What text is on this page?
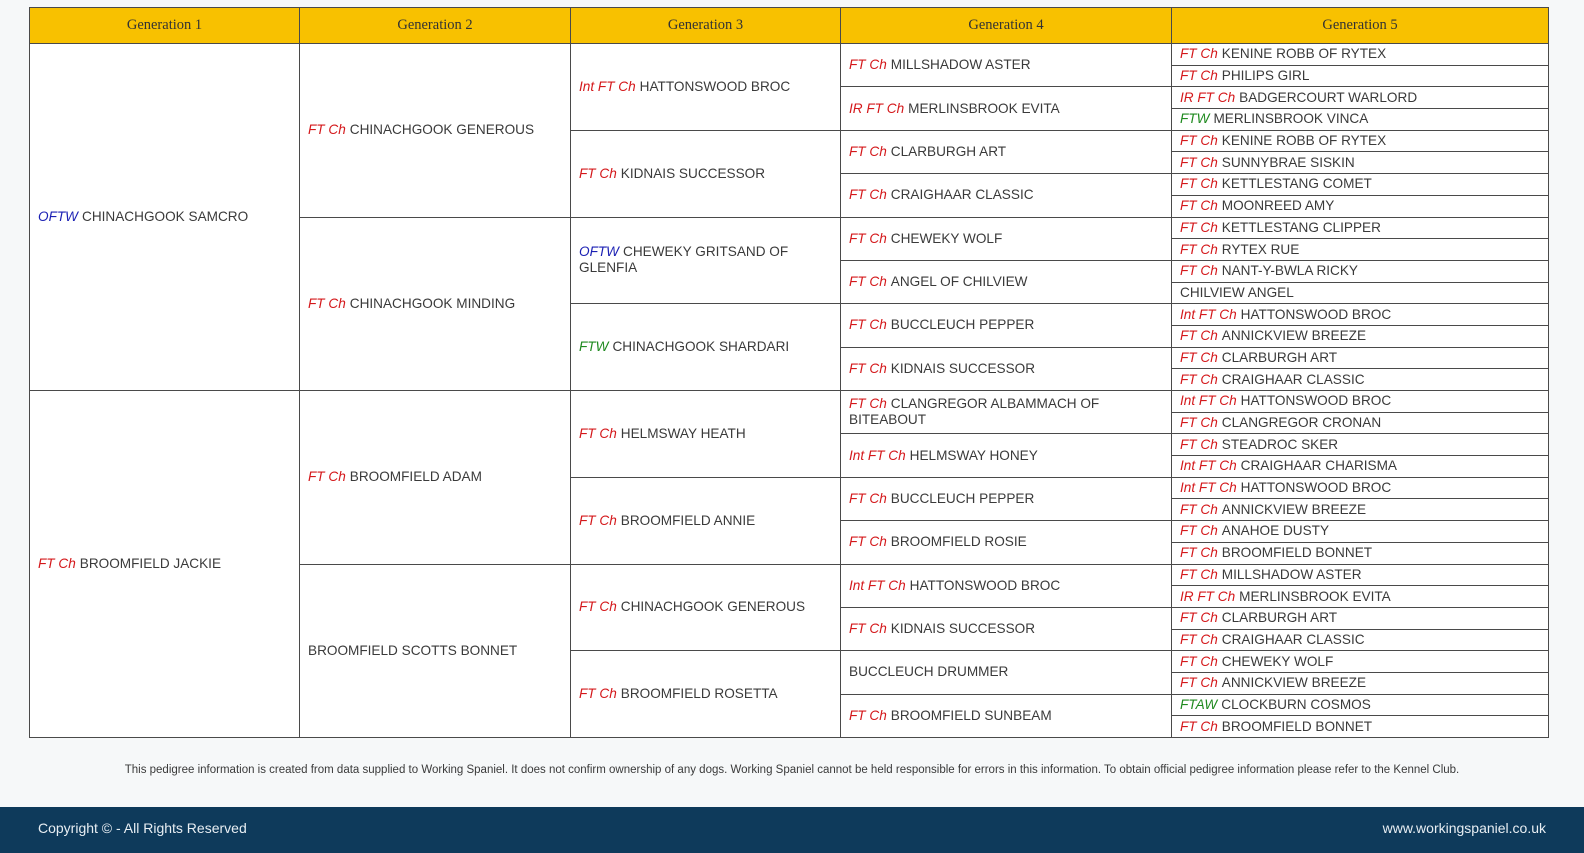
Generation 1	Generation 2	Generation 3	Generation 4	Generation 5
OFTW CHINACHGOOK SAMCRO	FT Ch CHINACHGOOK GENEROUS	Int FT Ch HATTONSWOOD BROC	FT Ch MILLSHADOW ASTER	FT Ch KENINE ROBB OF RYTEX
				FT Ch PHILIPS GIRL
			IR FT Ch MERLINSBROOK EVITA	IR FT Ch BADGERCOURT WARLORD
				FTW MERLINSBROOK VINCA
		FT Ch KIDNAIS SUCCESSOR	FT Ch CLARBURGH ART	FT Ch KENINE ROBB OF RYTEX
				FT Ch SUNNYBRAE SISKIN
			FT Ch CRAIGHAAR CLASSIC	FT Ch KETTLESTANG COMET
				FT Ch MOONREED AMY
	FT Ch CHINACHGOOK MINDING	OFTW CHEWEKY GRITSAND OF GLENFIA	FT Ch CHEWEKY WOLF	FT Ch KETTLESTANG CLIPPER
				FT Ch RYTEX RUE
			FT Ch ANGEL OF CHILVIEW	FT Ch NANT-Y-BWLA RICKY
				CHILVIEW ANGEL
		FTW CHINACHGOOK SHARDARI	FT Ch BUCCLEUCH PEPPER	Int FT Ch HATTONSWOOD BROC
				FT Ch ANNICKVIEW BREEZE
			FT Ch KIDNAIS SUCCESSOR	FT Ch CLARBURGH ART
				FT Ch CRAIGHAAR CLASSIC
FT Ch BROOMFIELD JACKIE	FT Ch BROOMFIELD ADAM	FT Ch HELMSWAY HEATH	FT Ch CLANGREGOR ALBAMMACH OF BITEABOUT	Int FT Ch HATTONSWOOD BROC
				FT Ch CLANGREGOR CRONAN
			Int FT Ch HELMSWAY HONEY	FT Ch STEADROC SKER
				Int FT Ch CRAIGHAAR CHARISMA
		FT Ch BROOMFIELD ANNIE	FT Ch BUCCLEUCH PEPPER	Int FT Ch HATTONSWOOD BROC
				FT Ch ANNICKVIEW BREEZE
			FT Ch BROOMFIELD ROSIE	FT Ch ANAHOE DUSTY
				FT Ch BROOMFIELD BONNET
	BROOMFIELD SCOTTS BONNET	FT Ch CHINACHGOOK GENEROUS	Int FT Ch HATTONSWOOD BROC	FT Ch MILLSHADOW ASTER
				IR FT Ch MERLINSBROOK EVITA
			FT Ch KIDNAIS SUCCESSOR	FT Ch CLARBURGH ART
				FT Ch CRAIGHAAR CLASSIC
		FT Ch BROOMFIELD ROSETTA	BUCCLEUCH DRUMMER	FT Ch CHEWEKY WOLF
				FT Ch ANNICKVIEW BREEZE
			FT Ch BROOMFIELD SUNBEAM	FTAW CLOCKBURN COSMOS
				FT Ch BROOMFIELD BONNET
This pedigree information is created from data supplied to Working Spaniel. It does not confirm ownership of any dogs. Working Spaniel cannot be held responsible for errors in this information. To obtain official pedigree information please refer to the Kennel Club.
Copyright © - All Rights Reserved	www.workingspaniel.co.uk
